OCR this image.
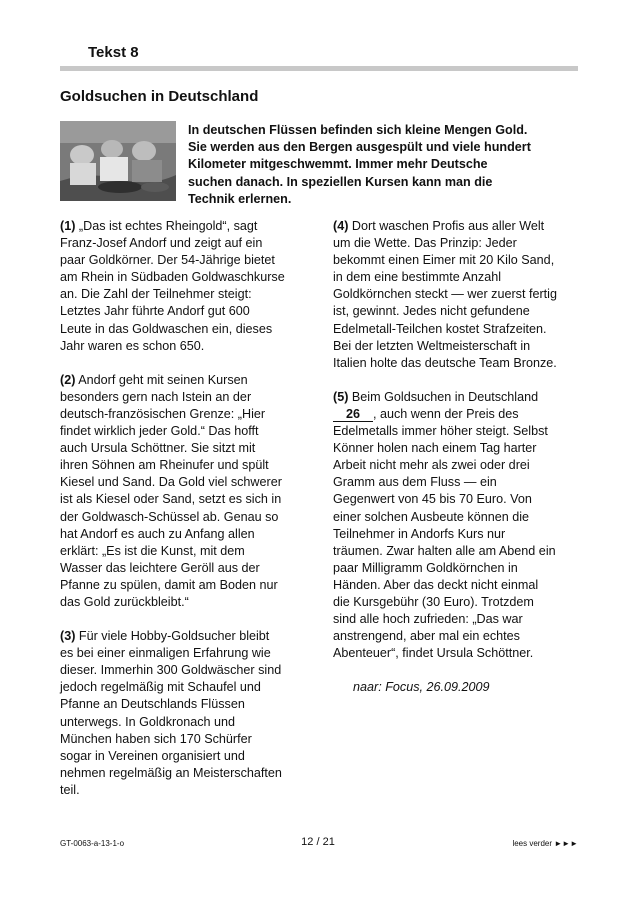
Tekst 8
Goldsuchen in Deutschland
In deutschen Flüssen befinden sich kleine Mengen Gold.
Sie werden aus den Bergen ausgespült und viele hundert
Kilometer mitgeschwemmt. Immer mehr Deutsche
suchen danach. In speziellen Kursen kann man die
Technik erlernen.
(1) „Das ist echtes Rheingold“, sagt
Franz-Josef Andorf und zeigt auf ein
paar Goldkörner. Der 54-Jährige bietet
am Rhein in Südbaden Goldwaschkurse
an. Die Zahl der Teilnehmer steigt:
Letztes Jahr führte Andorf gut 600
Leute in das Goldwaschen ein, dieses
Jahr waren es schon 650.
(2) Andorf geht mit seinen Kursen
besonders gern nach Istein an der
deutsch-französischen Grenze: „Hier
findet wirklich jeder Gold.“ Das hofft
auch Ursula Schöttner. Sie sitzt mit
ihren Söhnen am Rheinufer und spült
Kiesel und Sand. Da Gold viel schwerer
ist als Kiesel oder Sand, setzt es sich in
der Goldwasch-Schüssel ab. Genau so
hat Andorf es auch zu Anfang allen
erklärt: „Es ist die Kunst, mit dem
Wasser das leichtere Geröll aus der
Pfanne zu spülen, damit am Boden nur
das Gold zurückbleibt.“
(3) Für viele Hobby-Goldsucher bleibt
es bei einer einmaligen Erfahrung wie
dieser. Immerhin 300 Goldwäscher sind
jedoch regelmäßig mit Schaufel und
Pfanne an Deutschlands Flüssen
unterwegs. In Goldkronach und
München haben sich 170 Schürfer
sogar in Vereinen organisiert und
nehmen regelmäßig an Meisterschaften
teil.
(4) Dort waschen Profis aus aller Welt
um die Wette. Das Prinzip: Jeder
bekommt einen Eimer mit 20 Kilo Sand,
in dem eine bestimmte Anzahl
Goldkörnchen steckt — wer zuerst fertig
ist, gewinnt. Jedes nicht gefundene
Edelmetall-Teilchen kostet Strafzeiten.
Bei der letzten Weltmeisterschaft in
Italien holte das deutsche Team Bronze.
(5) Beim Goldsuchen in Deutschland
26 , auch wenn der Preis des
Edelmetalls immer höher steigt. Selbst
Könner holen nach einem Tag harter
Arbeit nicht mehr als zwei oder drei
Gramm aus dem Fluss — ein
Gegenwert von 45 bis 70 Euro. Von
einer solchen Ausbeute können die
Teilnehmer in Andorfs Kurs nur
träumen. Zwar halten alle am Abend ein
paar Milligramm Goldkörnchen in
Händen. Aber das deckt nicht einmal
die Kursgebühr (30 Euro). Trotzdem
sind alle hoch zufrieden: „Das war
anstrengend, aber mal ein echtes
Abenteuer“, findet Ursula Schöttner.
naar: Focus, 26.09.2009
GT-0063-a-13-1-o	12 / 21	lees verder ►►►
